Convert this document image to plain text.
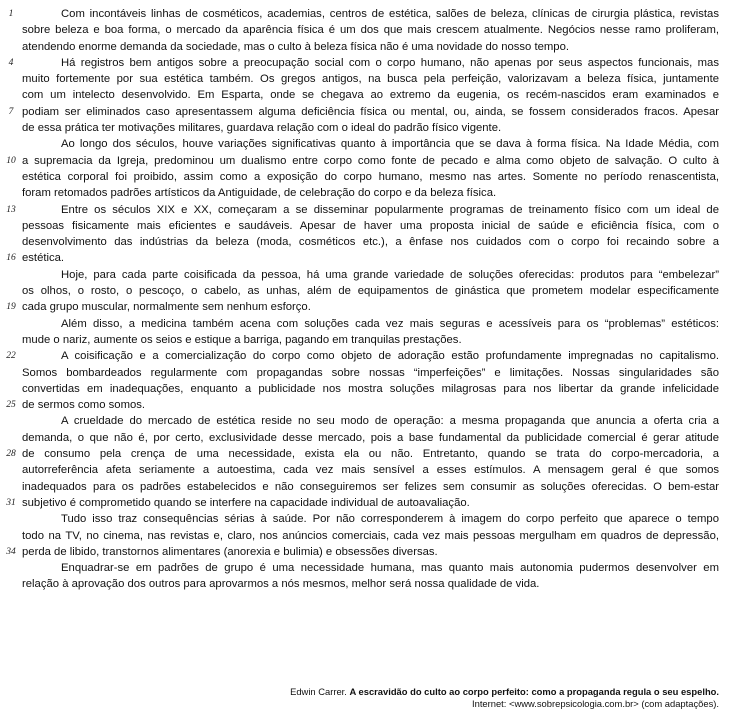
1	Com incontáveis linhas de cosméticos, academias, centros de estética, salões de beleza, clínicas de cirurgia plástica, revistas
sobre beleza e boa forma, o mercado da aparência física é um dos que mais crescem atualmente. Negócios nesse ramo proliferam,
atendendo enorme demanda da sociedade, mas o culto à beleza física não é uma novidade do nosso tempo.
4	Há registros bem antigos sobre a preocupação social com o corpo humano, não apenas por seus aspectos funcionais, mas
muito fortemente por sua estética também. Os gregos antigos, na busca pela perfeição, valorizavam a beleza física, juntamente
com um intelecto desenvolvido. Em Esparta, onde se chegava ao extremo da eugenia, os recém-nascidos eram examinados e
7 podiam ser eliminados caso apresentassem alguma deficiência física ou mental, ou, ainda, se fossem considerados fracos. Apesar
de essa prática ter motivações militares, guardava relação com o ideal do padrão físico vigente.
Ao longo dos séculos, houve variações significativas quanto à importância que se dava à forma física. Na Idade Média, com
10 a supremacia da Igreja, predominou um dualismo entre corpo como fonte de pecado e alma como objeto de salvação. O culto à
estética corporal foi proibido, assim como a exposição do corpo humano, mesmo nas artes. Somente no período renascentista,
foram retomados padrões artísticos da Antiguidade, de celebração do corpo e da beleza física.
13	Entre os séculos XIX e XX, começaram a se disseminar popularmente programas de treinamento físico com um ideal de
pessoas fisicamente mais eficientes e saudáveis. Apesar de haver uma proposta inicial de saúde e eficiência física, com o
desenvolvimento das indústrias da beleza (moda, cosméticos etc.), a ênfase nos cuidados com o corpo foi recaindo sobre a
16 estética.
Hoje, para cada parte coisificada da pessoa, há uma grande variedade de soluções oferecidas: produtos para “embelezar”
os olhos, o rosto, o pescoço, o cabelo, as unhas, além de equipamentos de ginástica que prometem modelar especificamente
19 cada grupo muscular, normalmente sem nenhum esforço.
Além disso, a medicina também acena com soluções cada vez mais seguras e acessíveis para os “problemas” estéticos:
mude o nariz, aumente os seios e estique a barriga, pagando em tranquilas prestações.
22	A coisificação e a comercialização do corpo como objeto de adoração estão profundamente impregnadas no capitalismo.
Somos bombardeados regularmente com propagandas sobre nossas “imperfeições” e limitações. Nossas singularidades são
convertidas em inadequações, enquanto a publicidade nos mostra soluções milagrosas para nos libertar da grande infelicidade
25 de sermos como somos.
A crueldade do mercado de estética reside no seu modo de operação: a mesma propaganda que anuncia a oferta cria a
demanda, o que não é, por certo, exclusividade desse mercado, pois a base fundamental da publicidade comercial é gerar atitude
28 de consumo pela crença de uma necessidade, exista ela ou não. Entretanto, quando se trata do corpo-mercadoria, a
autorreferência afeta seriamente a autoestima, cada vez mais sensível a esses estímulos. A mensagem geral é que somos
inadequados para os padrões estabelecidos e não conseguiremos ser felizes sem consumir as soluções oferecidas. O bem-estar
31 subjetivo é comprometido quando se interfere na capacidade individual de autoavaliação.
Tudo isso traz consequências sérias à saúde. Por não corresponderem à imagem do corpo perfeito que aparece o tempo
todo na TV, no cinema, nas revistas e, claro, nos anúncios comerciais, cada vez mais pessoas mergulham em quadros de depressão,
34 perda de libido, transtornos alimentares (anorexia e bulimia) e obsessões diversas.
Enquadrar-se em padrões de grupo é uma necessidade humana, mas quanto mais autonomia pudermos desenvolver em
relação à aprovação dos outros para aprovarmos a nós mesmos, melhor será nossa qualidade de vida.
Edwin Carrer. A escravidão do culto ao corpo perfeito: como a propaganda regula o seu espelho.
Internet: <www.sobrepsicologia.com.br> (com adaptações).
